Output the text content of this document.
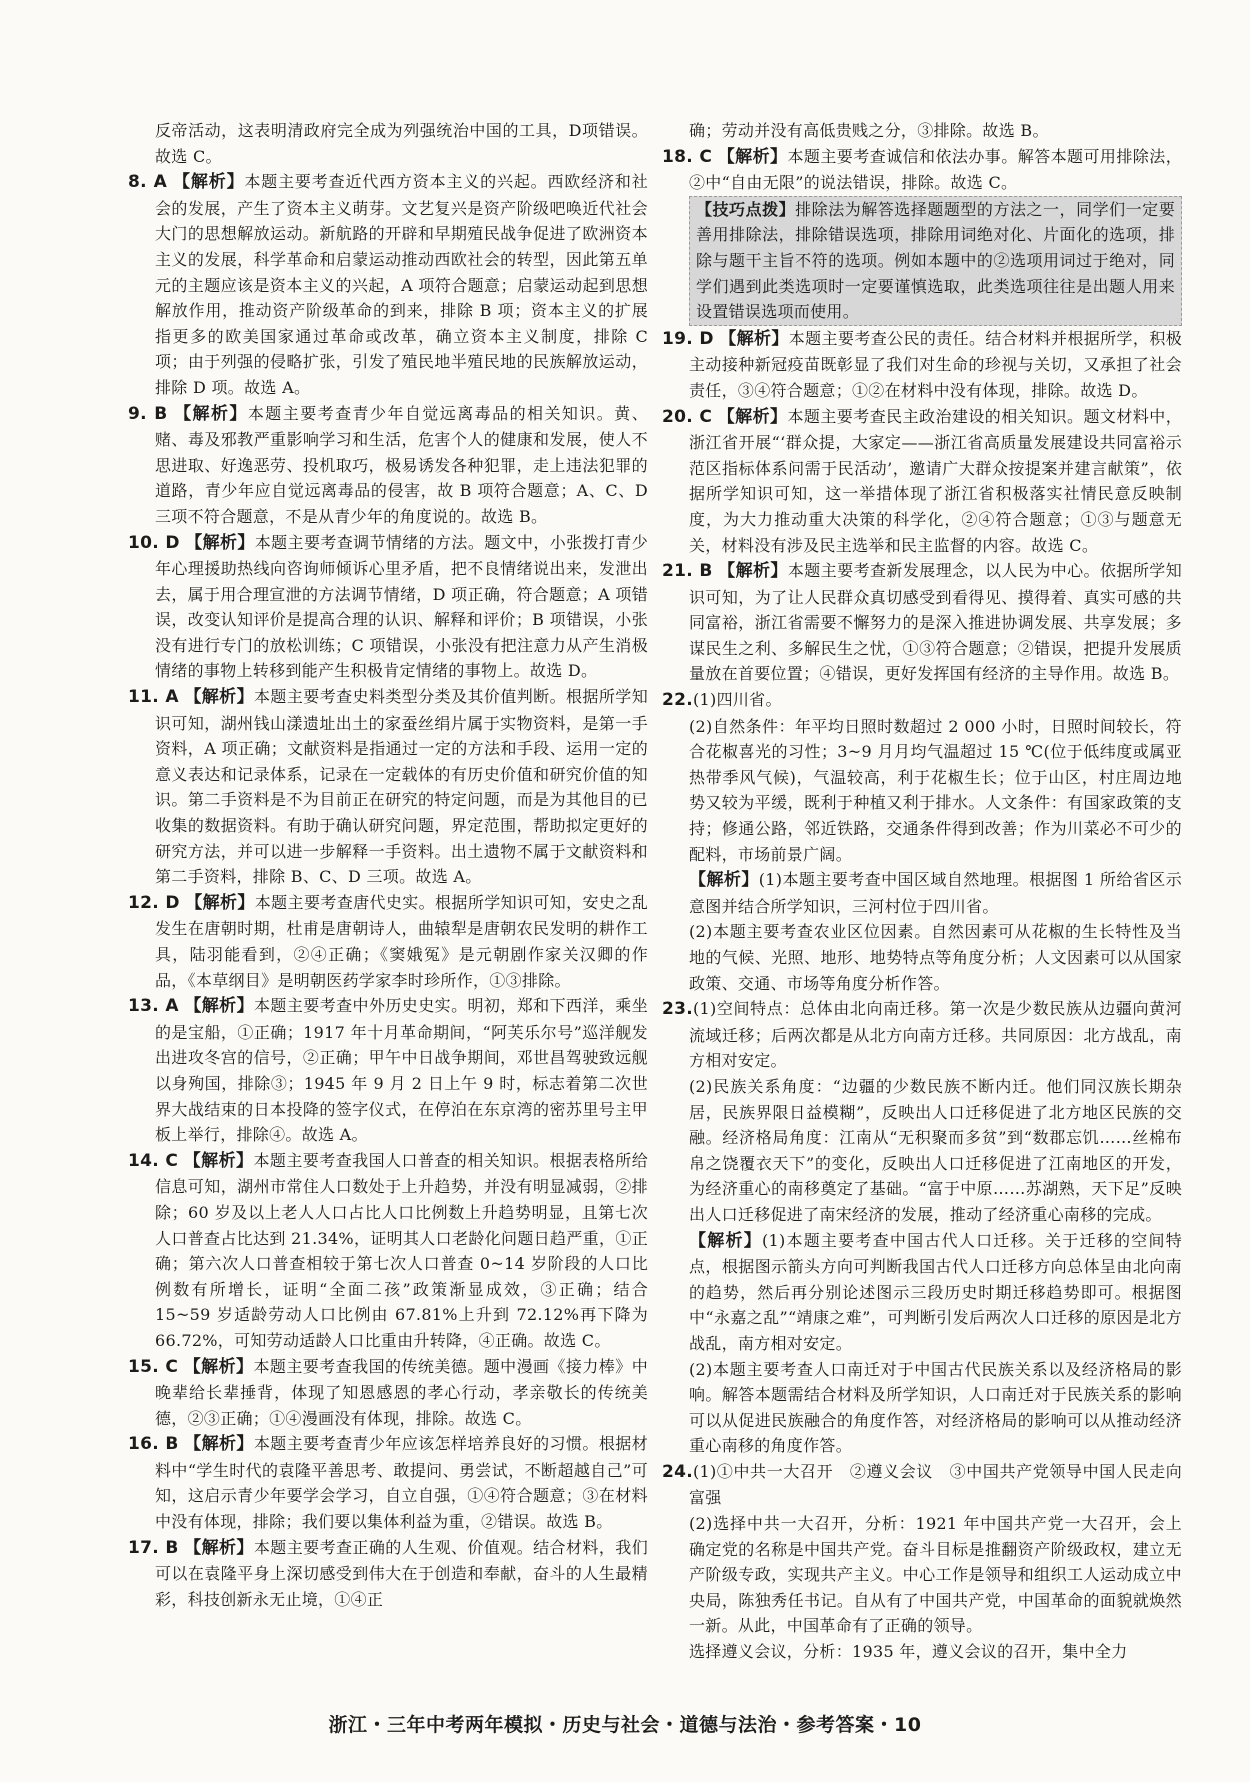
反帝活动，这表明清政府完全成为列强统治中国的工具，D项错误。故选 C。

8. A 【解析】本题主要考查近代西方资本主义的兴起。西欧经济和社会的发展，产生了资本主义萌芽。文艺复兴是资产阶级吧唤近代社会大门的思想解放运动。新航路的开辟和早期殖民战争促进了欧洲资本主义的发展，科学革命和启蒙运动推动西欧社会的转型，因此第五单元的主题应该是资本主义的兴起，A 项符合题意；启蒙运动起到思想解放作用，推动资产阶级革命的到来，排除 B 项；资本主义的扩展指更多的欧美国家通过革命或改革，确立资本主义制度，排除 C 项；由于列强的侵略扩张，引发了殖民地半殖民地的民族解放运动，排除 D 项。故选 A。

9. B 【解析】本题主要考查青少年自觉远离毒品的相关知识。黄、赌、毒及邪教严重影响学习和生活，危害个人的健康和发展，使人不思进取、好逸恶劳、投机取巧，极易诱发各种犯罪，走上违法犯罪的道路，青少年应自觉远离毒品的侵害，故 B 项符合题意；A、C、D 三项不符合题意，不是从青少年的角度说的。故选 B。

10. D 【解析】本题主要考查调节情绪的方法。题文中，小张拨打青少年心理援助热线向咨询师倾诉心里矛盾，把不良情绪说出来，发泄出去，属于用合理宣泄的方法调节情绪，D 项正确，符合题意；A 项错误，改变认知评价是提高合理的认识、解释和评价；B 项错误，小张没有进行专门的放松训练；C 项错误，小张没有把注意力从产生消极情绪的事物上转移到能产生积极肯定情绪的事物上。故选 D。

11. A 【解析】本题主要考查史料类型分类及其价值判断。根据所学知识可知，湖州钱山漾遗址出土的家蚕丝绢片属于实物资料，是第一手资料，A 项正确；文献资料是指通过一定的方法和手段、运用一定的意义表达和记录体系，记录在一定载体的有历史价值和研究价值的知识。第二手资料是不为目前正在研究的特定问题，而是为其他目的已收集的数据资料。有助于确认研究问题，界定范围，帮助拟定更好的研究方法，并可以进一步解释一手资料。出土遗物不属于文献资料和第二手资料，排除 B、C、D 三项。故选 A。

12. D 【解析】本题主要考查唐代史实。根据所学知识可知，安史之乱发生在唐朝时期，杜甫是唐朝诗人，曲辕犁是唐朝农民发明的耕作工具，陆羽能看到，②④正确；《窦娥冤》是元朝剧作家关汉卿的作品，《本草纲目》是明朝医药学家李时珍所作，①③排除。

13. A 【解析】本题主要考查中外历史史实。明初，郑和下西洋，乘坐的是宝船，①正确；1917 年十月革命期间，“阿芙乐尔号”巡洋舰发出进攻冬宫的信号，②正确；甲午中日战争期间，邓世昌驾驶致远舰以身殉国，排除③；1945 年 9 月 2 日上午 9 时，标志着第二次世界大战结束的日本投降的签字仪式，在停泊在东京湾的密苏里号主甲板上举行，排除④。故选 A。

14. C 【解析】本题主要考查我国人口普查的相关知识。根据表格所给信息可知，湖州市常住人口数处于上升趋势，并没有明显减弱，②排除；60 岁及以上老人人口占比人口比例数上升趋势明显，且第七次人口普查占比达到 21.34%，证明其人口老龄化问题日趋严重，①正确；第六次人口普查相较于第七次人口普查 0~14 岁阶段的人口比例数有所增长，证明“全面二孩”政策渐显成效，③正确；结合 15~59 岁适龄劳动人口比例由 67.81%上升到 72.12%再下降为 66.72%，可知劳动适龄人口比重由升转降，④正确。故选 C。

15. C 【解析】本题主要考查我国的传统美德。题中漫画《接力棒》中晚辈给长辈捶背，体现了知恩感恩的孝心行动，孝亲敬长的传统美德，②③正确；①④漫画没有体现，排除。故选 C。

16. B 【解析】本题主要考查青少年应该怎样培养良好的习惯。根据材料中“学生时代的袁隆平善思考、敢提问、勇尝试，不断超越自己”可知，这启示青少年要学会学习，自立自强，①④符合题意；③在材料中没有体现，排除；我们要以集体利益为重，②错误。故选 B。

17. B 【解析】本题主要考查正确的人生观、价值观。结合材料，我们可以在袁隆平身上深切感受到伟大在于创造和奉献，奋斗的人生最精彩，科技创新永无止境，①④正

确；劳动并没有高低贵贱之分，③排除。故选 B。

18. C 【解析】本题主要考查诚信和依法办事。解答本题可用排除法，②中“自由无限”的说法错误，排除。故选 C。

【技巧点拨】排除法为解答选择题题型的方法之一，同学们一定要善用排除法，排除错误选项，排除用词绝对化、片面化的选项，排除与题干主旨不符的选项。例如本题中的②选项用词过于绝对，同学们遇到此类选项时一定要谨慎选取，此类选项往往是出题人用来设置错误选项而使用。

19. D 【解析】本题主要考查公民的责任。结合材料并根据所学，积极主动接种新冠疫苗既彰显了我们对生命的珍视与关切，又承担了社会责任，③④符合题意；①②在材料中没有体现，排除。故选 D。

20. C 【解析】本题主要考查民主政治建设的相关知识。题文材料中，浙江省开展“‘群众提，大家定——浙江省高质量发展建设共同富裕示范区指标体系问需于民活动’，邀请广大群众按提案并建言献策”，依据所学知识可知，这一举措体现了浙江省积极落实社情民意反映制度，为大力推动重大决策的科学化，②④符合题意；①③与题意无关，材料没有涉及民主选举和民主监督的内容。故选 C。

21. B 【解析】本题主要考查新发展理念，以人民为中心。依据所学知识可知，为了让人民群众真切感受到看得见、摸得着、真实可感的共同富裕，浙江省需要不懈努力的是深入推进协调发展、共享发展；多谋民生之利、多解民生之忧，①③符合题意；②错误，把提升发展质量放在首要位置；④错误，更好发挥国有经济的主导作用。故选 B。

22.(1)四川省。

(2)自然条件：年平均日照时数超过 2 000 小时，日照时间较长，符合花椒喜光的习性；3~9 月月均气温超过 15 ℃(位于低纬度或属亚热带季风气候)，气温较高，利于花椒生长；位于山区，村庄周边地势又较为平缓，既利于种植又利于排水。人文条件：有国家政策的支持；修通公路，邻近铁路，交通条件得到改善；作为川菜必不可少的配料，市场前景广阔。

【解析】(1)本题主要考查中国区域自然地理。根据图 1 所给省区示意图并结合所学知识，三河村位于四川省。

(2)本题主要考查农业区位因素。自然因素可从花椒的生长特性及当地的气候、光照、地形、地势特点等角度分析；人文因素可以从国家政策、交通、市场等角度分析作答。

23.(1)空间特点：总体由北向南迁移。第一次是少数民族从边疆向黄河流域迁移；后两次都是从北方向南方迁移。共同原因：北方战乱，南方相对安定。

(2)民族关系角度：“边疆的少数民族不断内迁。他们同汉族长期杂居，民族界限日益模糊”，反映出人口迁移促进了北方地区民族的交融。经济格局角度：江南从“无积聚而多贫”到“数郡忘饥……丝棉布帛之饶覆衣天下”的变化，反映出人口迁移促进了江南地区的开发，为经济重心的南移奠定了基础。“富于中原……苏湖熟，天下足”反映出人口迁移促进了南宋经济的发展，推动了经济重心南移的完成。

【解析】(1)本题主要考查中国古代人口迁移。关于迁移的空间特点，根据图示箭头方向可判断我国古代人口迁移方向总体呈由北向南的趋势，然后再分别论述图示三段历史时期迁移趋势即可。根据图中“永嘉之乱”“靖康之难”，可判断引发后两次人口迁移的原因是北方战乱，南方相对安定。

(2)本题主要考查人口南迁对于中国古代民族关系以及经济格局的影响。解答本题需结合材料及所学知识，人口南迁对于民族关系的影响可以从促进民族融合的角度作答，对经济格局的影响可以从推动经济重心南移的角度作答。

24.(1)①中共一大召开　②遵义会议　③中国共产党领导中国人民走向富强

(2)选择中共一大召开，分析：1921 年中国共产党一大召开，会上确定党的名称是中国共产党。奋斗目标是推翻资产阶级政权，建立无产阶级专政，实现共产主义。中心工作是领导和组织工人运动成立中央局，陈独秀任书记。自从有了中国共产党，中国革命的面貌就焕然一新。从此，中国革命有了正确的领导。

选择遵义会议，分析：1935 年，遵义会议的召开，集中全力

浙江・三年中考两年模拟・历史与社会・道德与法治・参考答案・10
